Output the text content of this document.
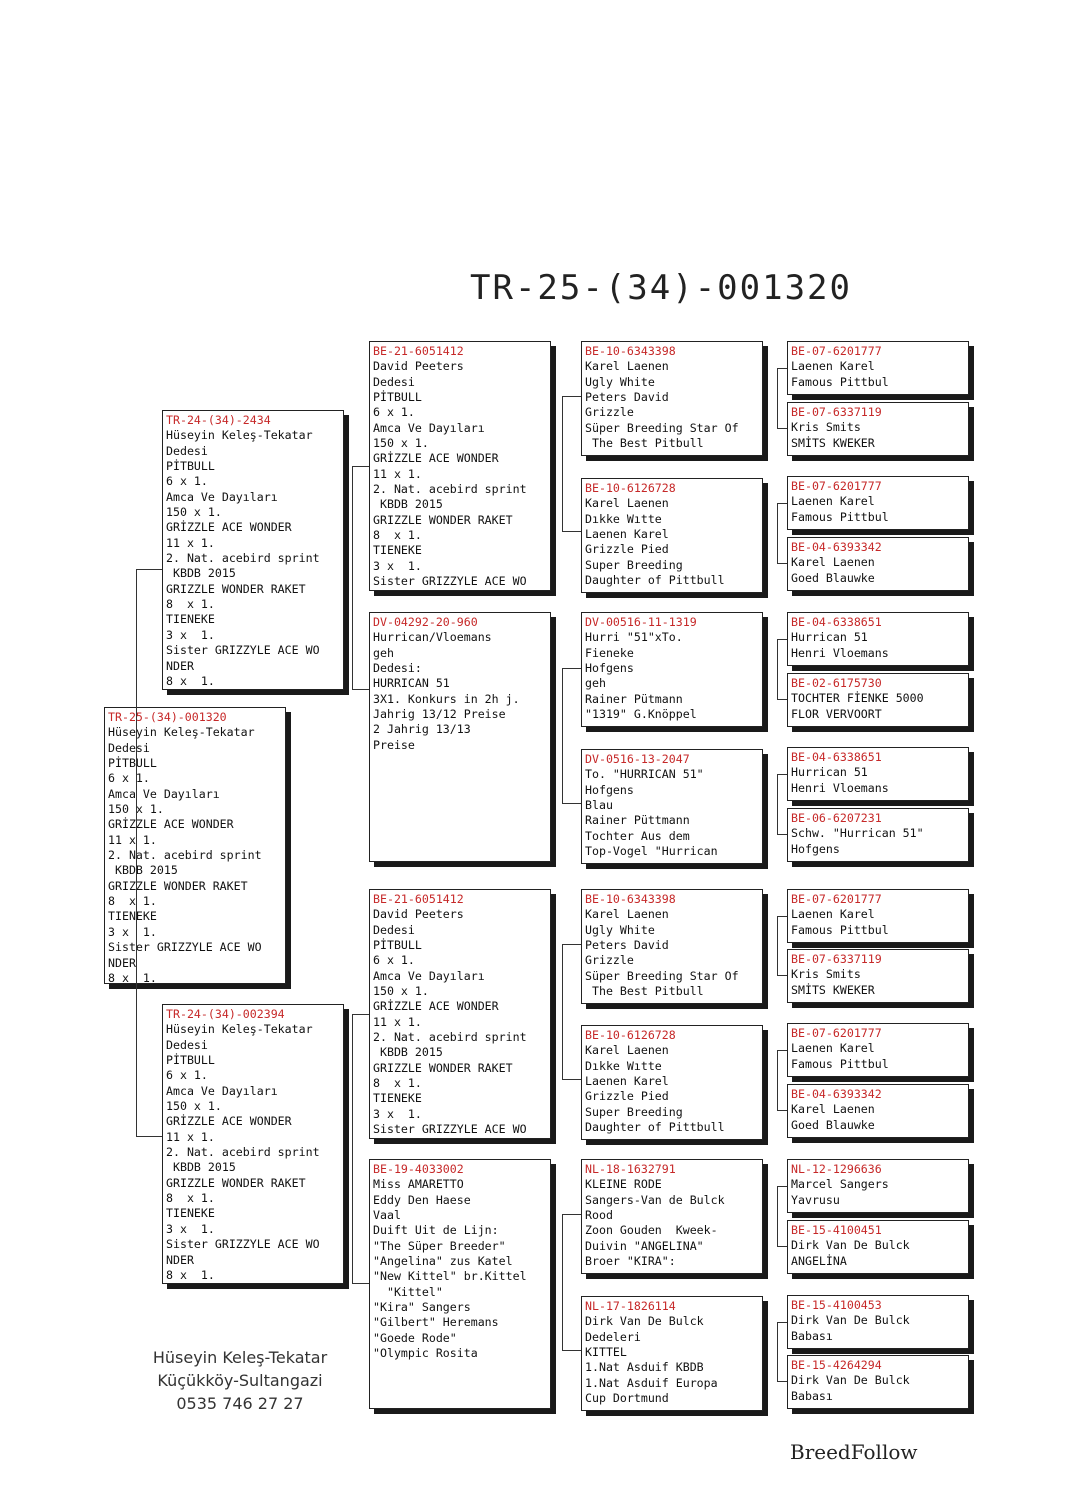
TR-25-(34)-001320
TR-25-(34)-001320
Hüseyin Keleş-Tekatar
Dedesi
PİTBULL
6 x 1.
Amca Ve Dayıları
150 x 1.
GRİZZLE ACE WONDER
11 x 1.
2. Nat. acebird sprint
KBDB 2015
GRIZZLE WONDER RAKET
8  x 1.
TIENEKE
3 x  1.
Sister GRIZZYLE ACE WO
NDER
8 x  1.
TR-24-(34)-2434
Hüseyin Keleş-Tekatar
Dedesi
PİTBULL
6 x 1.
Amca Ve Dayıları
150 x 1.
GRİZZLE ACE WONDER
11 x 1.
2. Nat. acebird sprint
KBDB 2015
GRIZZLE WONDER RAKET
8  x 1.
TIENEKE
3 x  1.
Sister GRIZZYLE ACE WO
NDER
8 x  1.
TR-24-(34)-002394
Hüseyin Keleş-Tekatar
Dedesi
PİTBULL
6 x 1.
Amca Ve Dayıları
150 x 1.
GRİZZLE ACE WONDER
11 x 1.
2. Nat. acebird sprint
KBDB 2015
GRIZZLE WONDER RAKET
8  x 1.
TIENEKE
3 x  1.
Sister GRIZZYLE ACE WO
NDER
8 x  1.
BE-21-6051412
David Peeters
Dedesi
PİTBULL
6 x 1.
Amca Ve Dayıları
150 x 1.
GRİZZLE ACE WONDER
11 x 1.
2. Nat. acebird sprint
KBDB 2015
GRIZZLE WONDER RAKET
8  x 1.
TIENEKE
3 x  1.
Sister GRIZZYLE ACE WO
DV-04292-20-960
Hurrican/Vloemans
geh
Dedesi:
HURRICAN 51
3X1. Konkurs in 2h j.
Jahrig 13/12 Preise
2 Jahrig 13/13
Preise
BE-21-6051412
David Peeters
Dedesi
PİTBULL
6 x 1.
Amca Ve Dayıları
150 x 1.
GRİZZLE ACE WONDER
11 x 1.
2. Nat. acebird sprint
KBDB 2015
GRIZZLE WONDER RAKET
8  x 1.
TIENEKE
3 x  1.
Sister GRIZZYLE ACE WO
BE-19-4033002
Miss AMARETTO
Eddy Den Haese
Vaal
Duift Uit de Lijn:
"The Süper Breeder"
"Angelina" zus Katel
"New Kittel" br.Kittel
"Kittel"
"Kira" Sangers
"Gilbert" Heremans
"Goede Rode"
"Olympic Rosita
BE-10-6343398
Karel Laenen
Ugly White
Peters David
Grizzle
Süper Breeding Star Of
The Best Pitbull
BE-10-6126728
Karel Laenen
Dıkke Wıtte
Laenen Karel
Grizzle Pied
Super Breeding
Daughter of Pittbull
DV-00516-11-1319
Hurri "51"xTo.
Fieneke
Hofgens
geh
Rainer Pütmann
"1319" G.Knöppel
DV-0516-13-2047
To. "HURRICAN 51"
Hofgens
Blau
Rainer Püttmann
Tochter Aus dem
Top-Vogel "Hurrican
BE-10-6343398
Karel Laenen
Ugly White
Peters David
Grizzle
Süper Breeding Star Of
The Best Pitbull
BE-10-6126728
Karel Laenen
Dıkke Wıtte
Laenen Karel
Grizzle Pied
Super Breeding
Daughter of Pittbull
NL-18-1632791
KLEINE RODE
Sangers-Van de Bulck
Rood
Zoon Gouden  Kweek-
Duivin "ANGELINA"
Broer "KIRA":
NL-17-1826114
Dirk Van De Bulck
Dedeleri
KITTEL
1.Nat Asduif KBDB
1.Nat Asduif Europa
Cup Dortmund
BE-07-6201777
Laenen Karel
Famous Pittbul
BE-07-6337119
Kris Smits
SMİTS KWEKER
BE-07-6201777
Laenen Karel
Famous Pittbul
BE-04-6393342
Karel Laenen
Goed Blauwke
BE-04-6338651
Hurrican 51
Henri Vloemans
BE-02-6175730
TOCHTER FİENKE 5000
FLOR VERVOORT
BE-04-6338651
Hurrican 51
Henri Vloemans
BE-06-6207231
Schw. "Hurrican 51"
Hofgens
BE-07-6201777
Laenen Karel
Famous Pittbul
BE-07-6337119
Kris Smits
SMİTS KWEKER
BE-07-6201777
Laenen Karel
Famous Pittbul
BE-04-6393342
Karel Laenen
Goed Blauwke
NL-12-1296636
Marcel Sangers
Yavrusu
BE-15-4100451
Dirk Van De Bulck
ANGELİNA
BE-15-4100453
Dirk Van De Bulck
Babası
BE-15-4264294
Dirk Van De Bulck
Babası
Hüseyin Keleş-Tekatar
Küçükköy-Sultangazi
0535 746 27 27
BreedFollow
